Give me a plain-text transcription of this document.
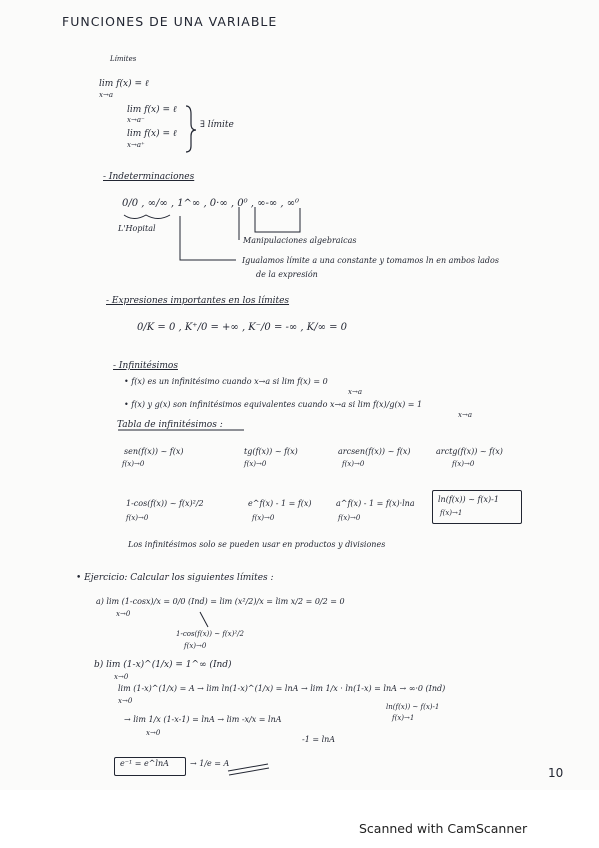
FUNCIONES DE UNA VARIABLE
Límites
lim f(x) = ℓ
x→a
lim f(x) = ℓ
x→a⁻
lim f(x) = ℓ
x→a⁺
∃ límite
- Indeterminaciones
0/0 , ∞/∞ , 1^∞ , 0·∞ , 0⁰ , ∞-∞ , ∞⁰
L'Hopital
Manipulaciones algebraicas
Igualamos límite a una constante y tomamos ln en ambos lados
de la expresión
- Expresiones importantes en los límites
0/K = 0 , K⁺/0 = +∞ , K⁻/0 = -∞ , K/∞ = 0
- Infinitésimos
• f(x) es un infinitésimo cuando x→a si lim f(x) = 0
x→a
• f(x) y g(x) son infinitésimos equivalentes cuando x→a si lim f(x)/g(x) = 1
x→a
Tabla de infinitésimos :
sen(f(x)) ~ f(x)
f(x)→0
tg(f(x)) ~ f(x)
f(x)→0
arcsen(f(x)) ~ f(x)
f(x)→0
arctg(f(x)) ~ f(x)
f(x)→0
1-cos(f(x)) ~ f(x)²/2
f(x)→0
e^f(x) - 1 = f(x)
f(x)→0
a^f(x) - 1 = f(x)·lna
f(x)→0
ln(f(x)) ~ f(x)-1
f(x)→1
Los infinitésimos solo se pueden usar en productos y divisiones
• Ejercicio: Calcular los siguientes límites :
a) lim (1-cosx)/x = 0/0 (Ind) = lim (x²/2)/x = lim x/2 = 0/2 = 0
x→0
1-cos(f(x)) ~ f(x)²/2
f(x)→0
b) lim (1-x)^(1/x) = 1^∞ (Ind)
x→0
lim (1-x)^(1/x) = A → lim ln(1-x)^(1/x) = lnA → lim 1/x · ln(1-x) = lnA → ∞·0 (Ind)
x→0
ln(f(x)) ~ f(x)-1
f(x)→1
→ lim 1/x (1-x-1) = lnA → lim -x/x = lnA
x→0
-1 = lnA
e⁻¹ = e^lnA	→ 1/e = A
10
Scanned with CamScanner
